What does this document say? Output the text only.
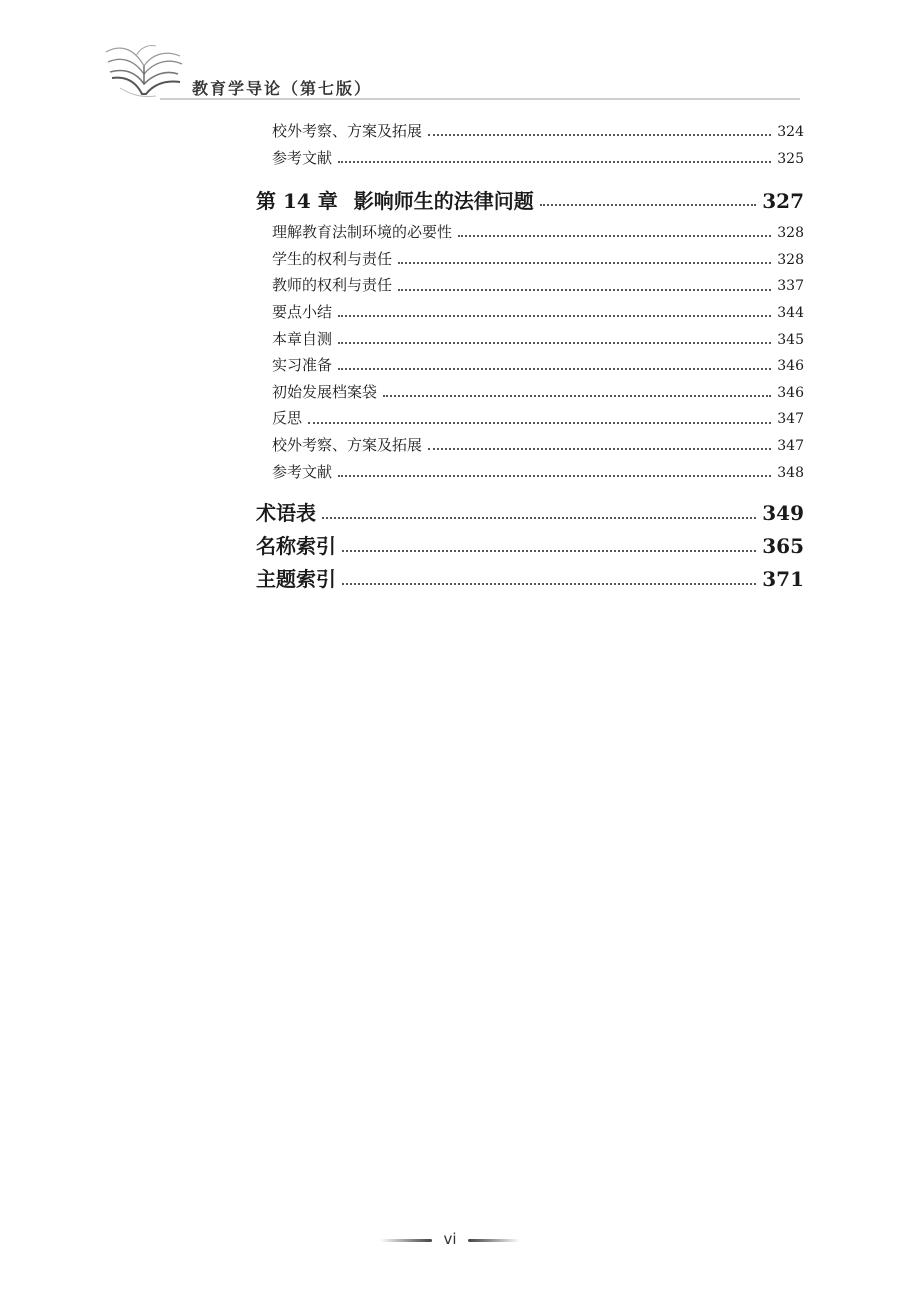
教育学导论（第七版）
校外考察、方案及拓展	324
参考文献	325
第 14 章 影响师生的法律问题	327
理解教育法制环境的必要性	328
学生的权利与责任	328
教师的权利与责任	337
要点小结	344
本章自测	345
实习准备	346
初始发展档案袋	346
反思	347
校外考察、方案及拓展	347
参考文献	348
术语表	349
名称索引	365
主题索引	371
vi
